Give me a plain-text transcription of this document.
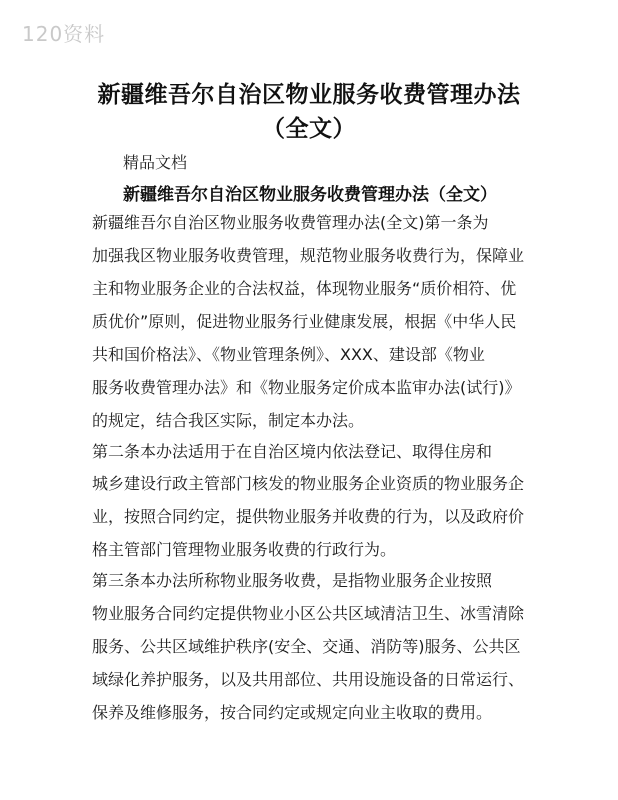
120资料
新疆维吾尔自治区物业服务收费管理办法
（全文）
精品文档
新疆维吾尔自治区物业服务收费管理办法（全文）
新疆维吾尔自治区物业服务收费管理办法(全文)第一条为
加强我区物业服务收费管理，规范物业服务收费行为，保障业
主和物业服务企业的合法权益，体现物业服务“质价相符、优
质优价”原则，促进物业服务行业健康发展，根据《中华人民
共和国价格法》、《物业管理条例》、XXX、建设部《物业
服务收费管理办法》和《物业服务定价成本监审办法(试行)》
的规定，结合我区实际，制定本办法。
第二条本办法适用于在自治区境内依法登记、取得住房和
城乡建设行政主管部门核发的物业服务企业资质的物业服务企
业，按照合同约定，提供物业服务并收费的行为，以及政府价
格主管部门管理物业服务收费的行政行为。
第三条本办法所称物业服务收费，是指物业服务企业按照
物业服务合同约定提供物业小区公共区域清洁卫生、冰雪清除
服务、公共区域维护秩序(安全、交通、消防等)服务、公共区
域绿化养护服务，以及共用部位、共用设施设备的日常运行、
保养及维修服务，按合同约定或规定向业主收取的费用。
